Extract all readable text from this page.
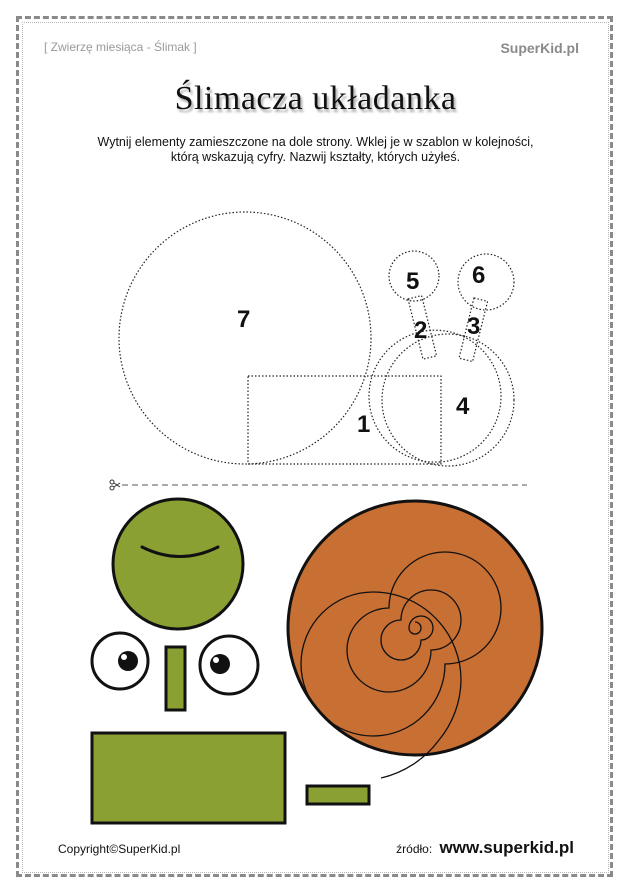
[ Zwierzę miesiąca - Ślimak ]	SuperKid.pl
Ślimacza układanka
Wytnij elementy zamieszczone na dole strony. Wklej je w szablon w kolejności,
którą wskazują cyfry. Nazwij kształty, których użyłeś.
1
2 3
4
5 6
7
Copyright©SuperKid.pl	źródło: www.superkid.pl
